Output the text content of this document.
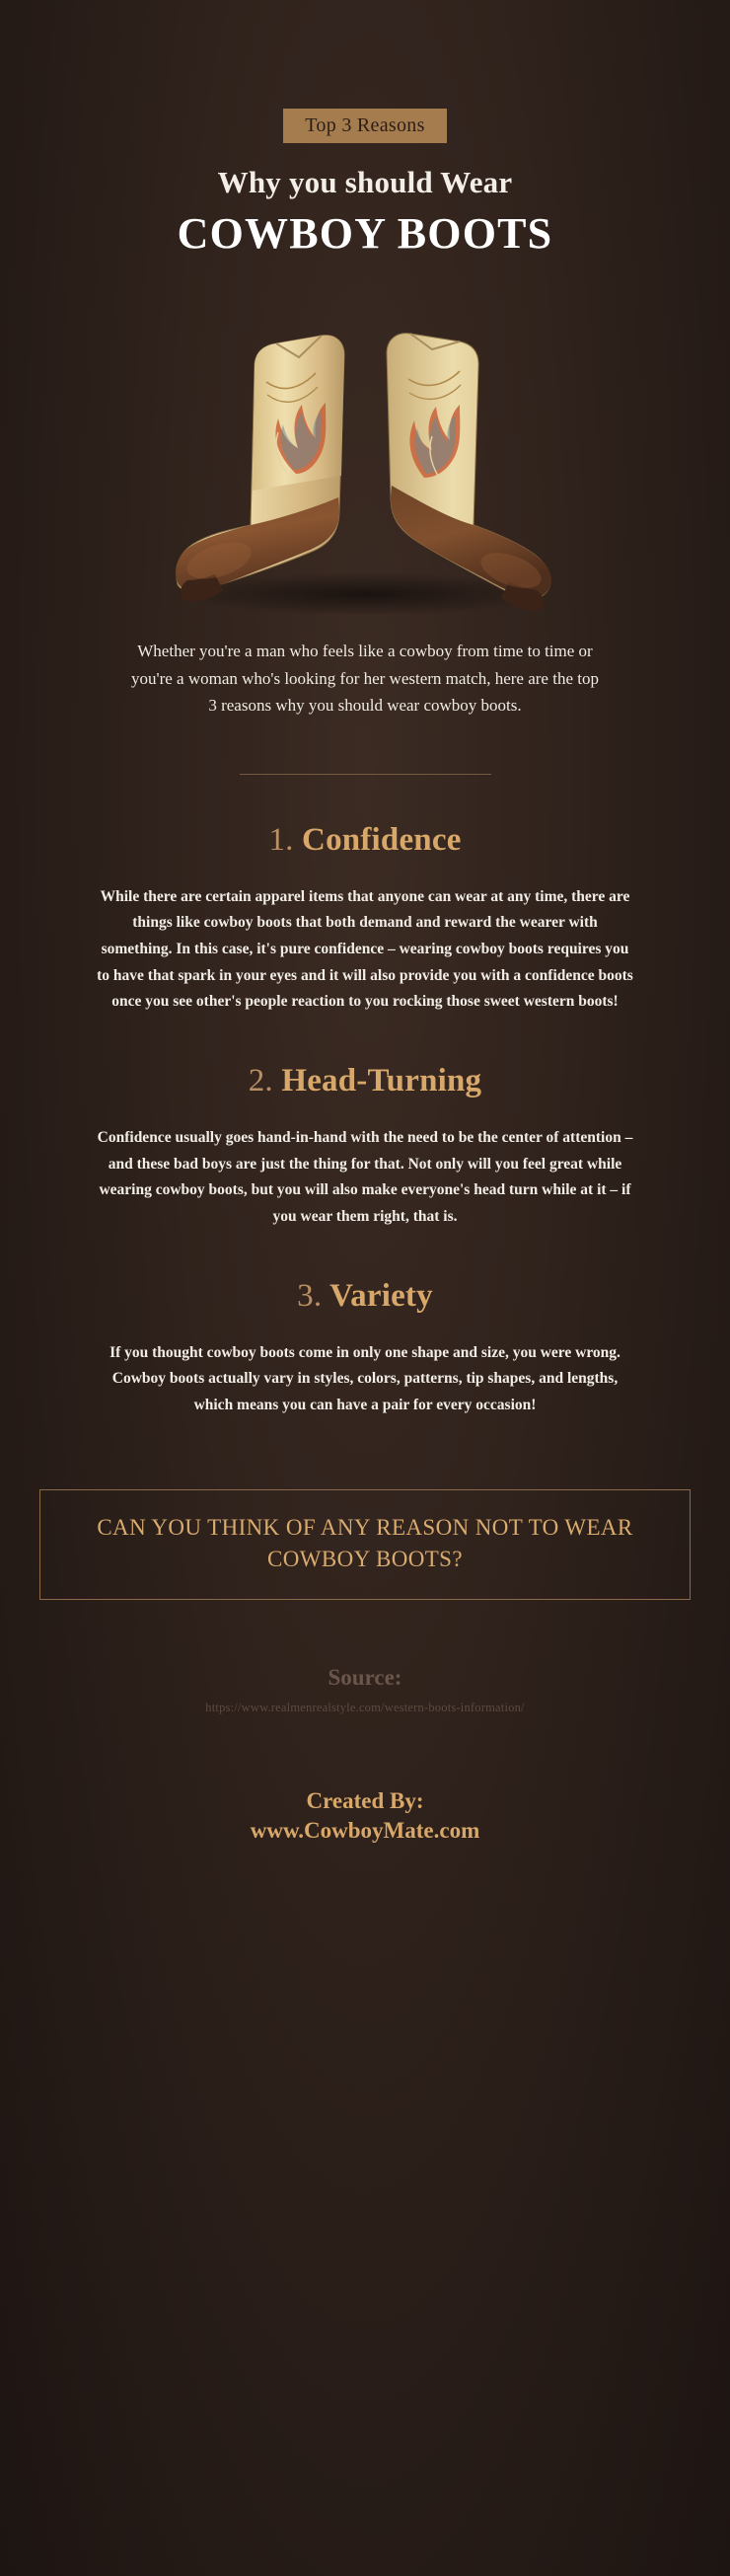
Top 3 Reasons
Why you should Wear
COWBOY BOOTS

Whether you're a man who feels like a cowboy from time to time or you're a woman who's looking for her western match, here are the top 3 reasons why you should wear cowboy boots.

1. Confidence

While there are certain apparel items that anyone can wear at any time, there are things like cowboy boots that both demand and reward the wearer with something. In this case, it's pure confidence – wearing cowboy boots requires you to have that spark in your eyes and it will also provide you with a confidence boots once you see other's people reaction to you rocking those sweet western boots!

2. Head-Turning

Confidence usually goes hand-in-hand with the need to be the center of attention – and these bad boys are just the thing for that. Not only will you feel great while wearing cowboy boots, but you will also make everyone's head turn while at it – if you wear them right, that is.

3. Variety

If you thought cowboy boots come in only one shape and size, you were wrong. Cowboy boots actually vary in styles, colors, patterns, tip shapes, and lengths, which means you can have a pair for every occasion!

CAN YOU THINK OF ANY REASON NOT TO WEAR COWBOY BOOTS?
Source:
https://www.realmenrealstyle.com/western-boots-information/
Created By:
www.CowboyMate.com
